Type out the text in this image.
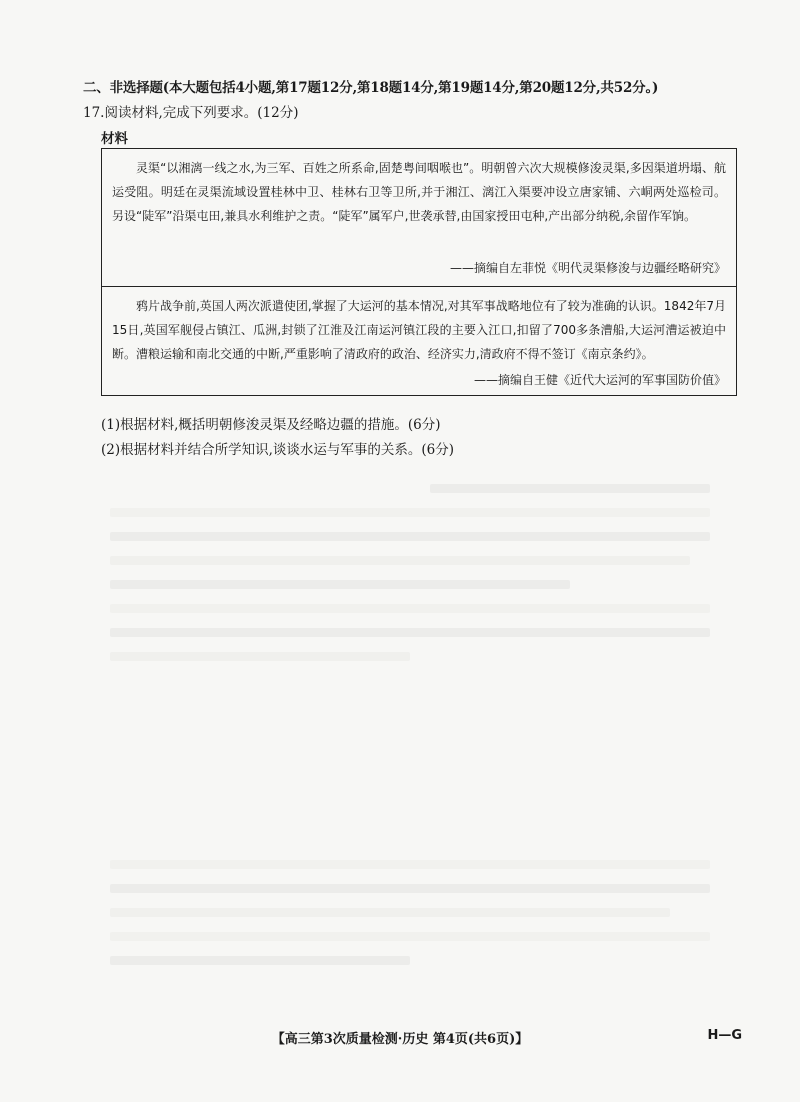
二、非选择题(本大题包括4小题,第17题12分,第18题14分,第19题14分,第20题12分,共52分。)
17.阅读材料,完成下列要求。(12分)
材料
灵渠“以湘漓一线之水,为三军、百姓之所系命,固楚粤间咽喉也”。明朝曾六次大规模修浚灵渠,多因渠道坍塌、航运受阻。明廷在灵渠流域设置桂林中卫、桂林右卫等卫所,并于湘江、漓江入渠要冲设立唐家铺、六峒两处巡检司。另设“陡军”沿渠屯田,兼具水利维护之责。“陡军”属军户,世袭承替,由国家授田屯种,产出部分纳税,余留作军饷。
——摘编自左菲悦《明代灵渠修浚与边疆经略研究》
鸦片战争前,英国人两次派遣使团,掌握了大运河的基本情况,对其军事战略地位有了较为准确的认识。1842年7月15日,英国军舰侵占镇江、瓜洲,封锁了江淮及江南运河镇江段的主要入江口,扣留了700多条漕船,大运河漕运被迫中断。漕粮运输和南北交通的中断,严重影响了清政府的政治、经济实力,清政府不得不签订《南京条约》。
——摘编自王健《近代大运河的军事国防价值》
(1)根据材料,概括明朝修浚灵渠及经略边疆的措施。(6分)
(2)根据材料并结合所学知识,谈谈水运与军事的关系。(6分)
【高三第3次质量检测·历史 第4页(共6页)】	H—G
